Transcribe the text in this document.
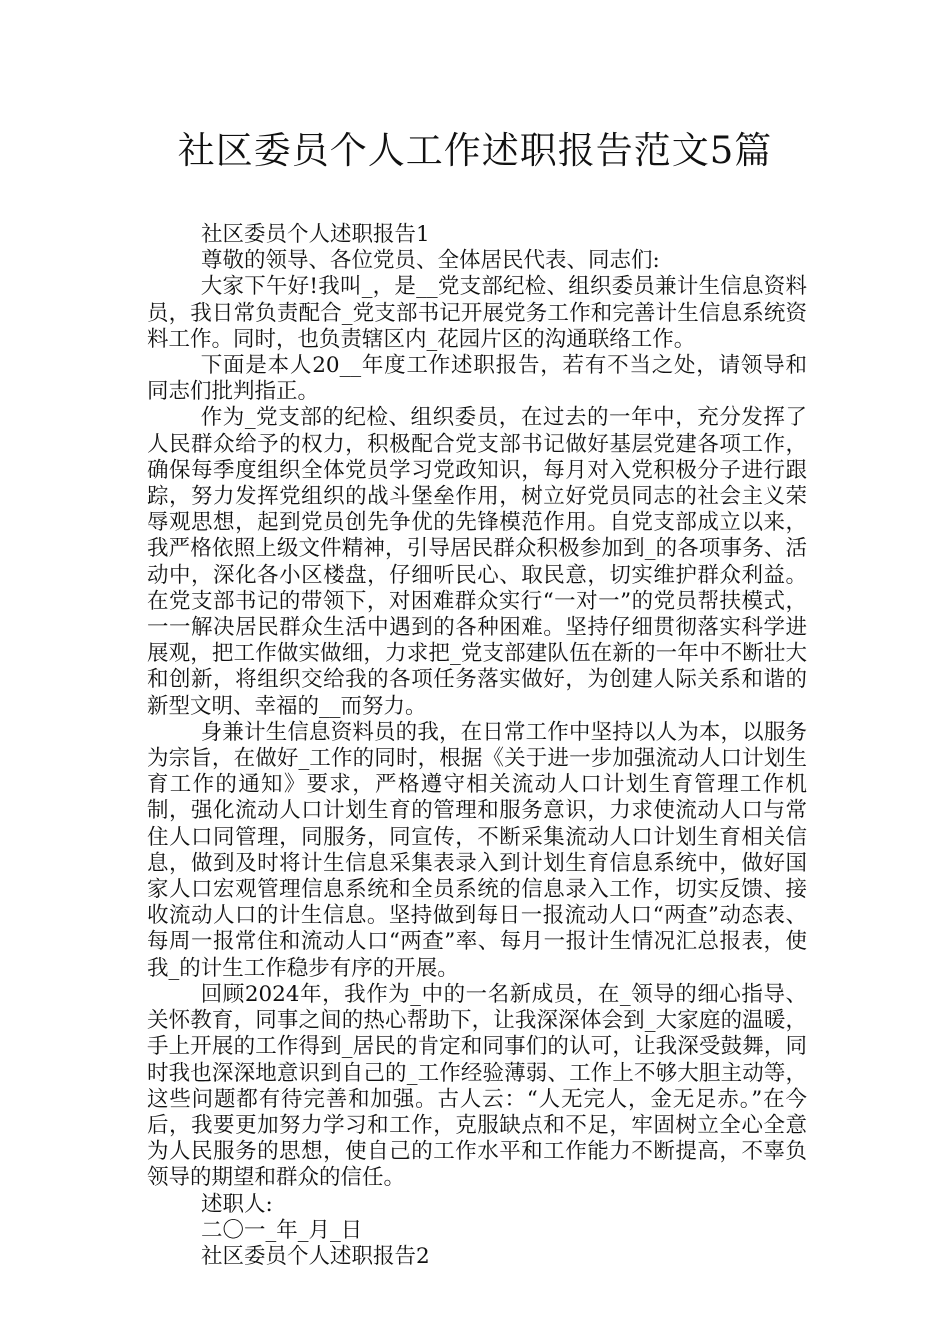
社区委员个人工作述职报告范文5篇

社区委员个人述职报告1

尊敬的领导、各位党员、全体居民代表、同志们:

大家下午好!我叫_，是__党支部纪检、组织委员兼计生信息资料员，我日常负责配合_党支部书记开展党务工作和完善计生信息系统资料工作。同时，也负责辖区内_花园片区的沟通联络工作。

下面是本人20__年度工作述职报告，若有不当之处，请领导和同志们批判指正。

作为_党支部的纪检、组织委员，在过去的一年中，充分发挥了人民群众给予的权力，积极配合党支部书记做好基层党建各项工作，确保每季度组织全体党员学习党政知识，每月对入党积极分子进行跟踪，努力发挥党组织的战斗堡垒作用，树立好党员同志的社会主义荣辱观思想，起到党员创先争优的先锋模范作用。自党支部成立以来，我严格依照上级文件精神，引导居民群众积极参加到_的各项事务、活动中，深化各小区楼盘，仔细听民心、取民意，切实维护群众利益。在党支部书记的带领下，对困难群众实行“一对一”的党员帮扶模式，一一解决居民群众生活中遇到的各种困难。坚持仔细贯彻落实科学进展观，把工作做实做细，力求把_党支部建队伍在新的一年中不断壮大和创新，将组织交给我的各项任务落实做好，为创建人际关系和谐的新型文明、幸福的__而努力。

身兼计生信息资料员的我，在日常工作中坚持以人为本，以服务为宗旨，在做好_工作的同时，根据《关于进一步加强流动人口计划生育工作的通知》要求，严格遵守相关流动人口计划生育管理工作机制，强化流动人口计划生育的管理和服务意识，力求使流动人口与常住人口同管理，同服务，同宣传，不断采集流动人口计划生育相关信息，做到及时将计生信息采集表录入到计划生育信息系统中，做好国家人口宏观管理信息系统和全员系统的信息录入工作，切实反馈、接收流动人口的计生信息。坚持做到每日一报流动人口“两查”动态表、每周一报常住和流动人口“两查”率、每月一报计生情况汇总报表，使我_的计生工作稳步有序的开展。

回顾2024年，我作为_中的一名新成员，在_领导的细心指导、关怀教育，同事之间的热心帮助下，让我深深体会到_大家庭的温暖，手上开展的工作得到_居民的肯定和同事们的认可，让我深受鼓舞，同时我也深深地意识到自己的_工作经验薄弱、工作上不够大胆主动等，这些问题都有待完善和加强。古人云：“人无完人，金无足赤。”在今后，我要更加努力学习和工作，克服缺点和不足，牢固树立全心全意为人民服务的思想，使自己的工作水平和工作能力不断提高，不辜负领导的期望和群众的信任。

述职人:

二〇一_年_月_日

社区委员个人述职报告2
